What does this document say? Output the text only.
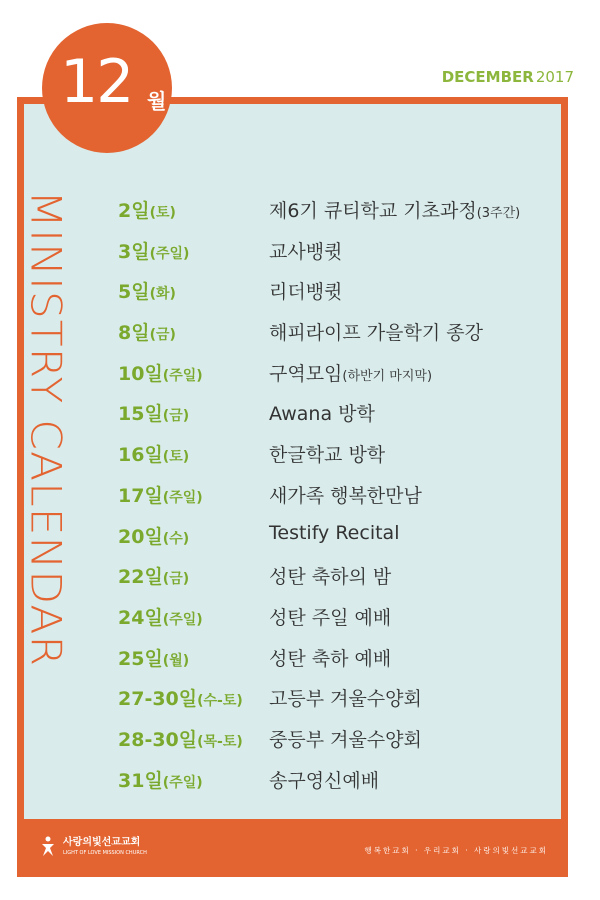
12 월
DECEMBER 2017
MINISTRY CALENDAR	2일(토)	제6기 큐티학교 기초과정(3주간)
3일(주일)	교사뱅큇
5일(화)	리더뱅큇
8일(금)	해피라이프 가을학기 종강
10일(주일)	구역모임(하반기 마지막)
15일(금)	Awana 방학
16일(토)	한글학교 방학
17일(주일)	새가족 행복한만남
20일(수)	Testify Recital
22일(금)	성탄 축하의 밤
24일(주일)	성탄 주일 예배
25일(월)	성탄 축하 예배
27-30일(수-토) 고등부 겨울수양회
28-30일(목-토) 중등부 겨울수양회
31일(주일)	송구영신예배
사랑의빛선교교회
LIGHT OF LOVE MISSION CHURCH	행복한교회 · 우리교회 · 사랑의빛선교교회
